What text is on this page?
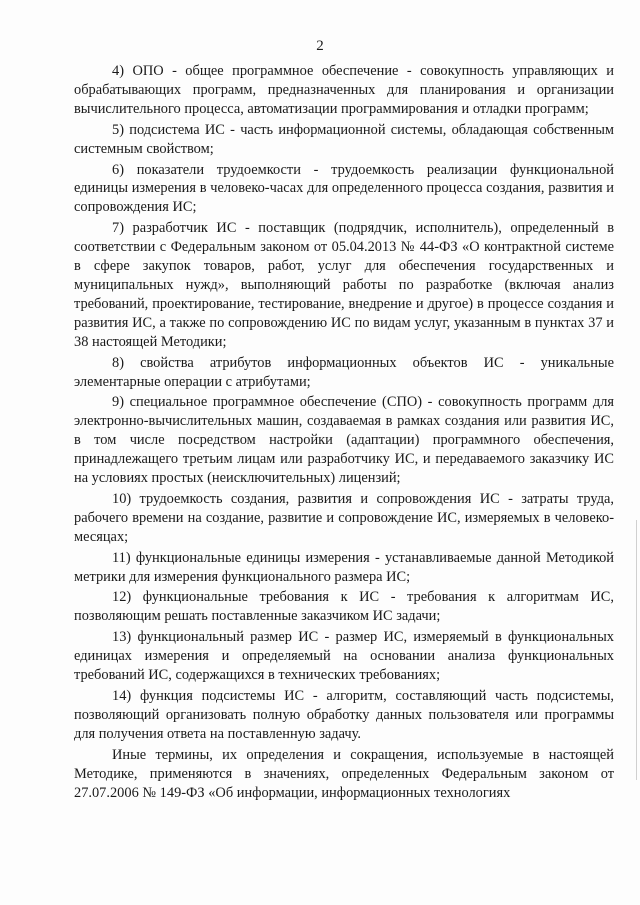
2

4) ОПО - общее программное обеспечение - совокупность управляющих и обрабатывающих программ, предназначенных для планирования и организации вычислительного процесса, автоматизации программирования и отладки программ;

5) подсистема ИС - часть информационной системы, обладающая собственным системным свойством;

6) показатели трудоемкости - трудоемкость реализации функциональной единицы измерения в человеко-часах для определенного процесса создания, развития и сопровождения ИС;

7) разработчик ИС - поставщик (подрядчик, исполнитель), определенный в соответствии с Федеральным законом от 05.04.2013 № 44-ФЗ «О контрактной системе в сфере закупок товаров, работ, услуг для обеспечения государственных и муниципальных нужд», выполняющий работы по разработке (включая анализ требований, проектирование, тестирование, внедрение и другое) в процессе создания и развития ИС, а также по сопровождению ИС по видам услуг, указанным в пунктах 37 и 38 настоящей Методики;

8) свойства атрибутов информационных объектов ИС - уникальные элементарные операции с атрибутами;

9) специальное программное обеспечение (СПО) - совокупность программ для электронно-вычислительных машин, создаваемая в рамках создания или развития ИС, в том числе посредством настройки (адаптации) программного обеспечения, принадлежащего третьим лицам или разработчику ИС, и передаваемого заказчику ИС на условиях простых (неисключительных) лицензий;

10) трудоемкость создания, развития и сопровождения ИС - затраты труда, рабочего времени на создание, развитие и сопровождение ИС, измеряемых в человеко-месяцах;

11) функциональные единицы измерения - устанавливаемые данной Методикой метрики для измерения функционального размера ИС;

12) функциональные требования к ИС - требования к алгоритмам ИС, позволяющим решать поставленные заказчиком ИС задачи;

13) функциональный размер ИС - размер ИС, измеряемый в функциональных единицах измерения и определяемый на основании анализа функциональных требований ИС, содержащихся в технических требованиях;

14) функция подсистемы ИС - алгоритм, составляющий часть подсистемы, позволяющий организовать полную обработку данных пользователя или программы для получения ответа на поставленную задачу.

Иные термины, их определения и сокращения, используемые в настоящей Методике, применяются в значениях, определенных Федеральным законом от 27.07.2006 № 149-ФЗ «Об информации, информационных технологиях
